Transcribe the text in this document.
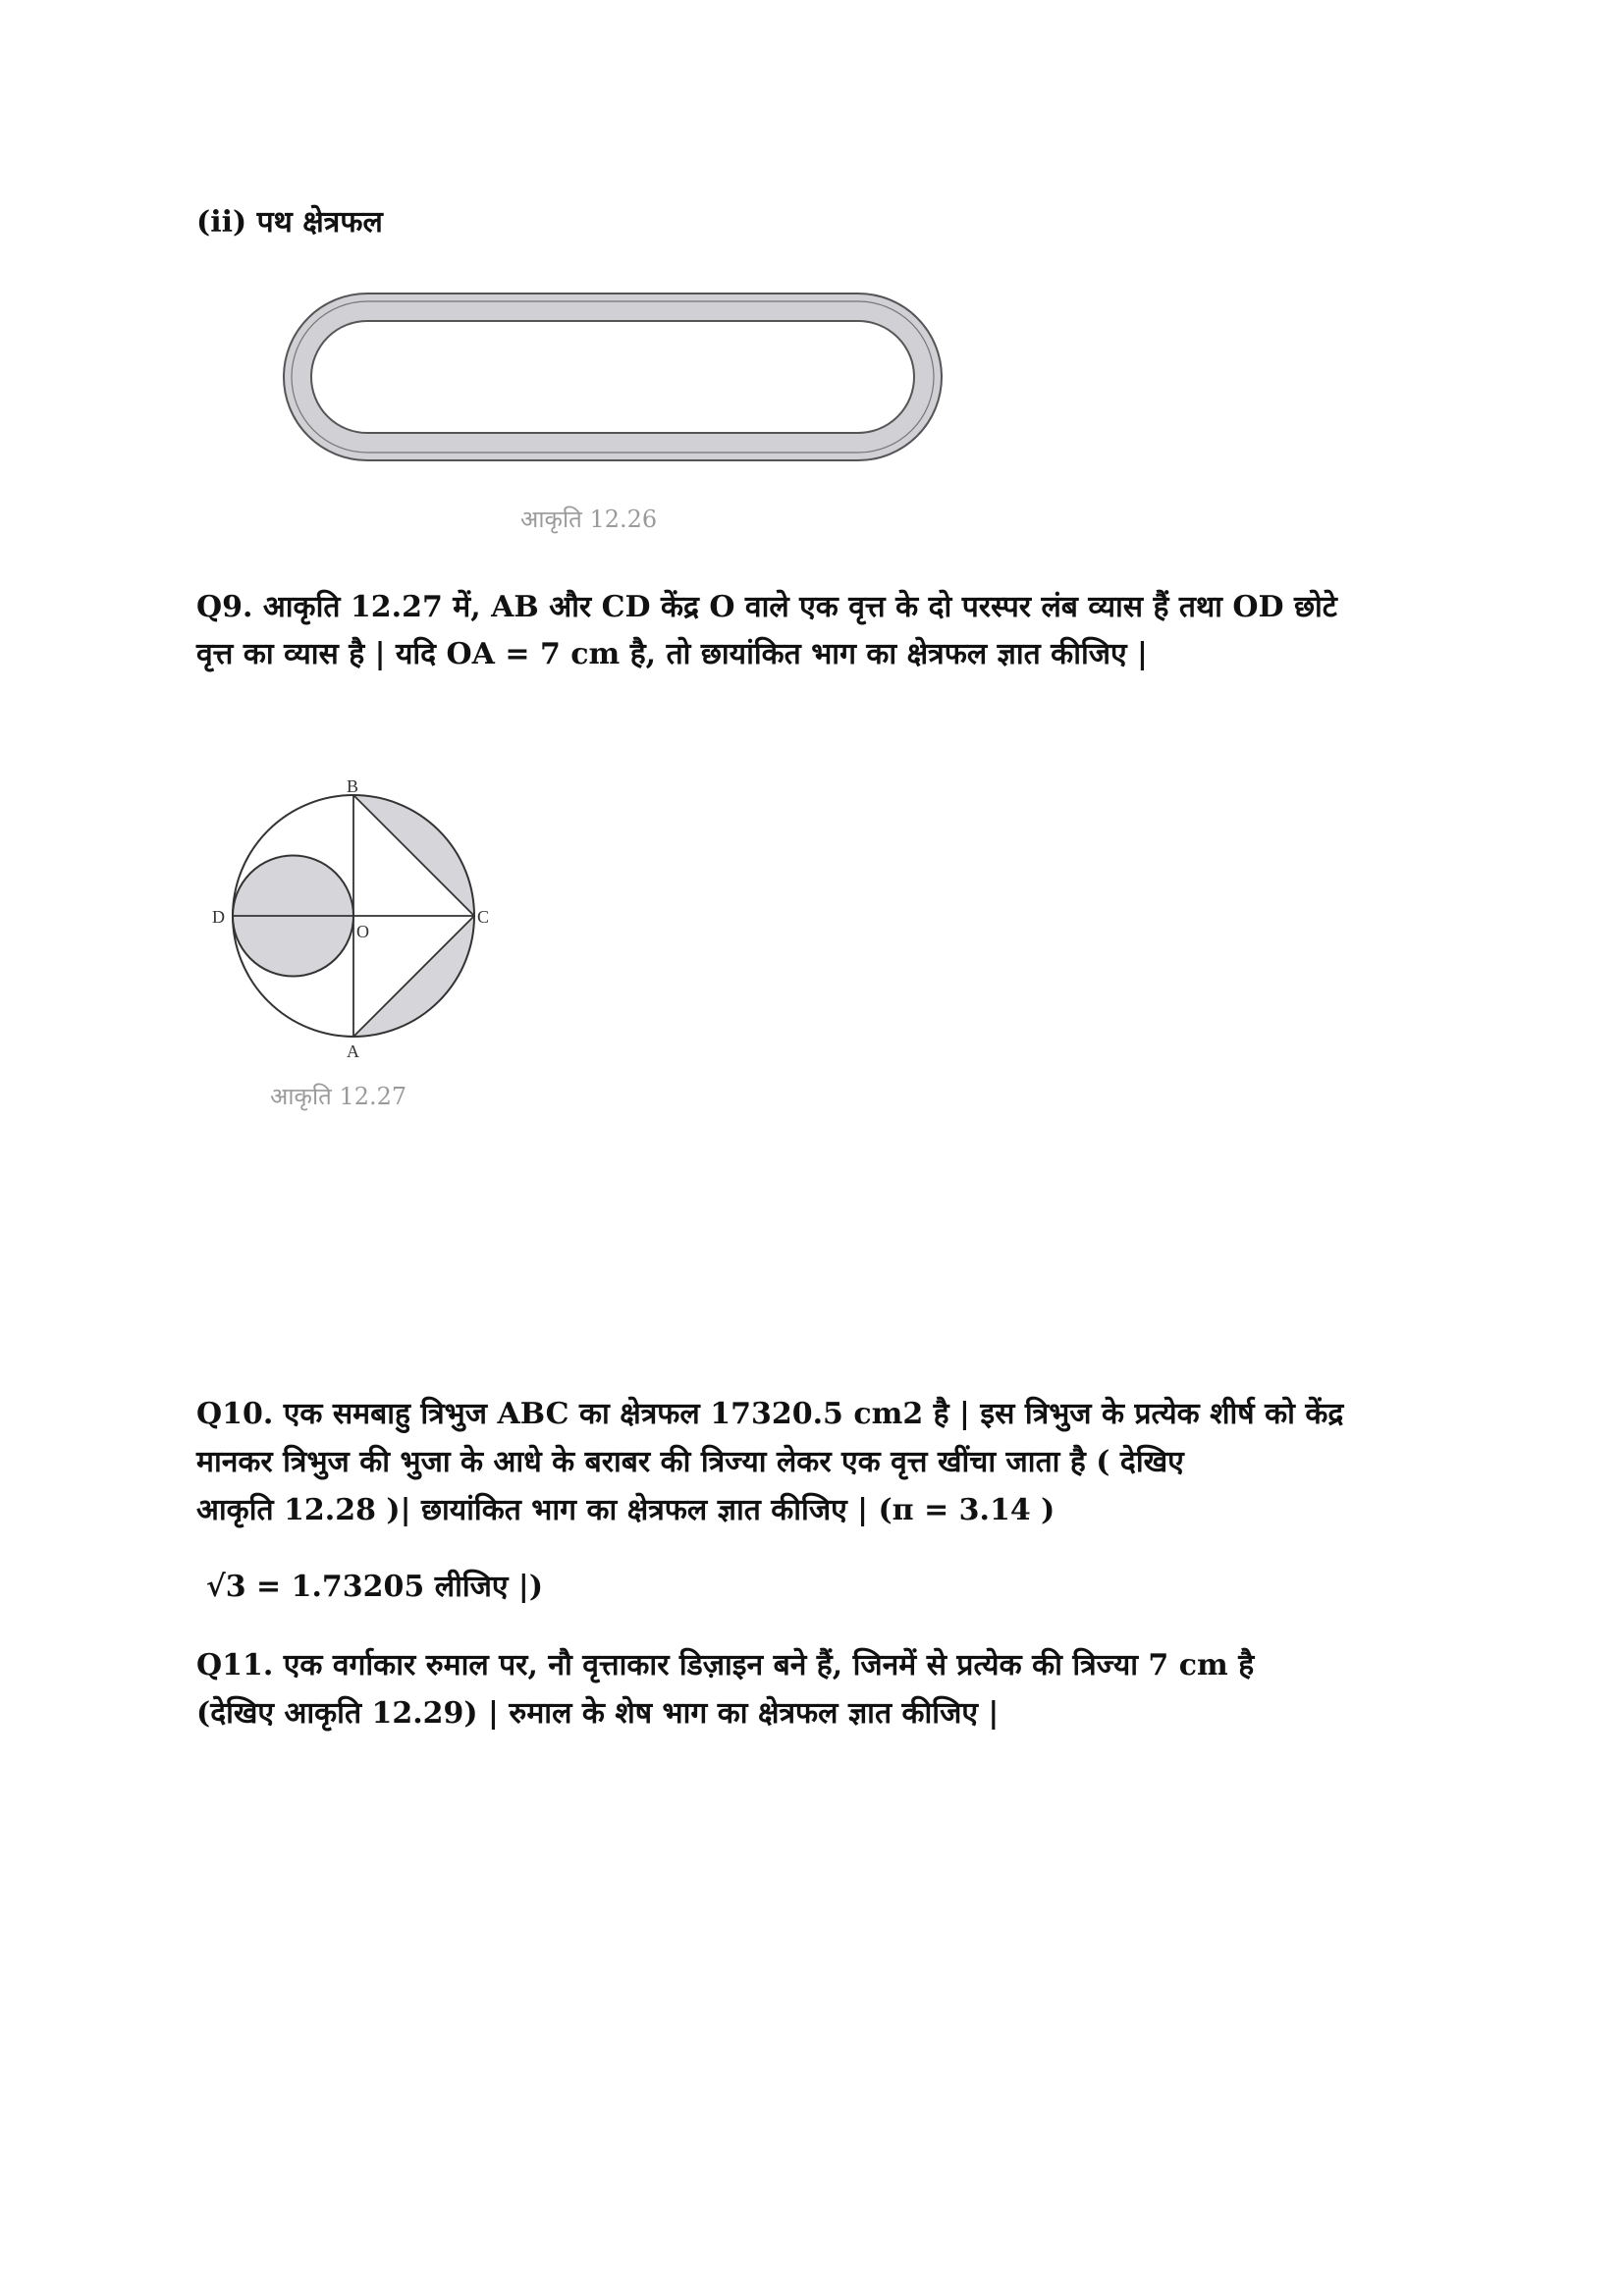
(ii) पथ क्षेत्रफल
आकृति 12.26
Q9. आकृति 12.27 में, AB और CD केंद्र O वाले एक वृत्त के दो परस्पर लंब व्यास हैं तथा OD छोटे
वृत्त का व्यास है | यदि OA = 7 cm है, तो छायांकित भाग का क्षेत्रफल ज्ञात कीजिए |
B
A
D	C
O
आकृति 12.27
Q10. एक समबाहु त्रिभुज ABC का क्षेत्रफल 17320.5 cm2 है | इस त्रिभुज के प्रत्येक शीर्ष को केंद्र
मानकर त्रिभुज की भुजा के आधे के बराबर की त्रिज्या लेकर एक वृत्त खींचा जाता है ( देखिए
आकृति 12.28 )| छायांकित भाग का क्षेत्रफल ज्ञात कीजिए | (π = 3.14 )
√3 = 1.73205 लीजिए |)
Q11. एक वर्गाकार रुमाल पर, नौ वृत्ताकार डिज़ाइन बने हैं, जिनमें से प्रत्येक की त्रिज्या 7 cm है
(देखिए आकृति 12.29) | रुमाल के शेष भाग का क्षेत्रफल ज्ञात कीजिए |
